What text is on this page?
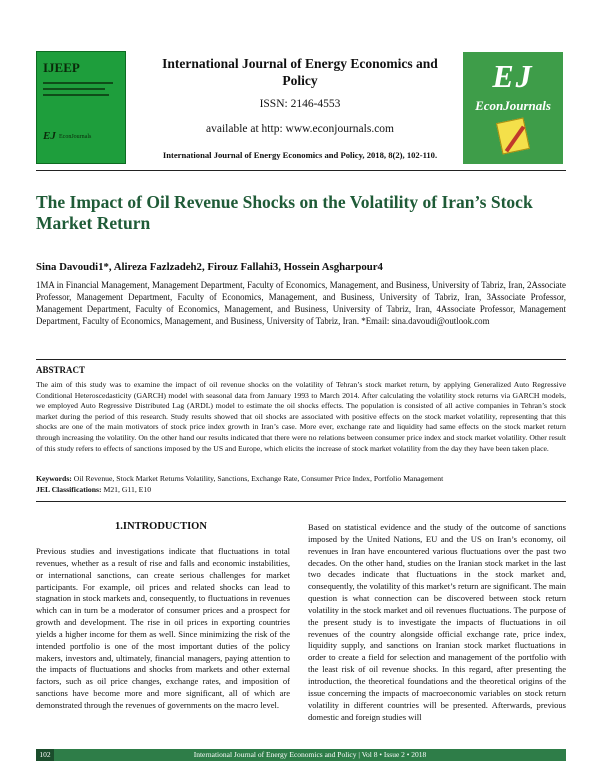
IJEEP
EJ EconJournals
International Journal of Energy Economics and Policy
ISSN: 2146-4553
available at http: www.econjournals.com
International Journal of Energy Economics and Policy, 2018, 8(2), 102-110.
EJ
EconJournals
The Impact of Oil Revenue Shocks on the Volatility of Iran’s Stock Market Return
Sina Davoudi1*, Alireza Fazlzadeh2, Firouz Fallahi3, Hossein Asgharpour4
1MA in Financial Management, Management Department, Faculty of Economics, Management, and Business, University of Tabriz, Iran, 2Associate Professor, Management Department, Faculty of Economics, Management, and Business, University of Tabriz, Iran, 3Associate Professor, Management Department, Faculty of Economics, Management, and Business, University of Tabriz, Iran, 4Associate Professor, Management Department, Faculty of Economics, Management, and Business, University of Tabriz, Iran. *Email: sina.davoudi@outlook.com
ABSTRACT
The aim of this study was to examine the impact of oil revenue shocks on the volatility of Tehran’s stock market return, by applying Generalized Auto Regressive Conditional Heteroscedasticity (GARCH) model with seasonal data from January 1993 to March 2014. After calculating the volatility stock returns via GARCH models, we employed Auto Regressive Distributed Lag (ARDL) model to estimate the oil shocks effects. The population is consisted of all active companies in Tehran’s stock market during the period of this research. Study results showed that oil shocks are associated with positive effects on the stock market volatility, representing that this shocks are one of the main motivators of stock price index growth in Iran’s case. More ever, exchange rate and liquidity had same effects on the stock market return through increasing the volatility. On the other hand our results indicated that there were no relations between consumer price index and stock market volatility. Other result of this study refers to effects of sanctions imposed by the US and Europe, which elicits the increase of stock market volatility from the day they have been taken place.
Keywords: Oil Revenue, Stock Market Returns Volatility, Sanctions, Exchange Rate, Consumer Price Index, Portfolio Management
JEL Classifications: M21, G11, E10
1.INTRODUCTION
Previous studies and investigations indicate that fluctuations in total revenues, whether as a result of rise and falls and economic instabilities, or international sanctions, can create serious challenges for market participants. For example, oil prices and related shocks can lead to stagnation in stock markets and, consequently, to fluctuations in revenues which can in turn be a moderator of consumer prices and a prospect for growth and development. The rise in oil prices in exporting countries yields a higher income for them as well. Since minimizing the risk of the intended portfolio is one of the most important duties of the policy makers, investors and, ultimately, financial managers, paying attention to the impacts of fluctuations and shocks from markets and other external factors, such as oil price changes, exchange rates, and imposition of sanctions have become more and more significant, all of which are demonstrated through the revenues of governments on the macro level.
Based on statistical evidence and the study of the outcome of sanctions imposed by the United Nations, EU and the US on Iran’s economy, oil revenues in Iran have encountered various fluctuations over the past two decades. On the other hand, studies on the Iranian stock market in the last two decades indicate that fluctuations in the stock market and, consequently, the volatility of this market’s return are significant. The main question is what connection can be discovered between stock return volatility in the stock market and oil revenues fluctuations. The purpose of the present study is to investigate the impacts of fluctuations in oil revenues of the country alongside official exchange rate, price index, liquidity supply, and sanctions on Iranian stock market fluctuations in order to create a field for selection and management of the portfolio with the least risk of oil revenue shocks. In this regard, after presenting the introduction, the theoretical foundations and the theoretical origins of the issue concerning the impacts of macroeconomic variables on stock return volatility in different countries will be presented. Afterwards, previous domestic and foreign studies will
102	International Journal of Energy Economics and Policy | Vol 8 • Issue 2 • 2018
